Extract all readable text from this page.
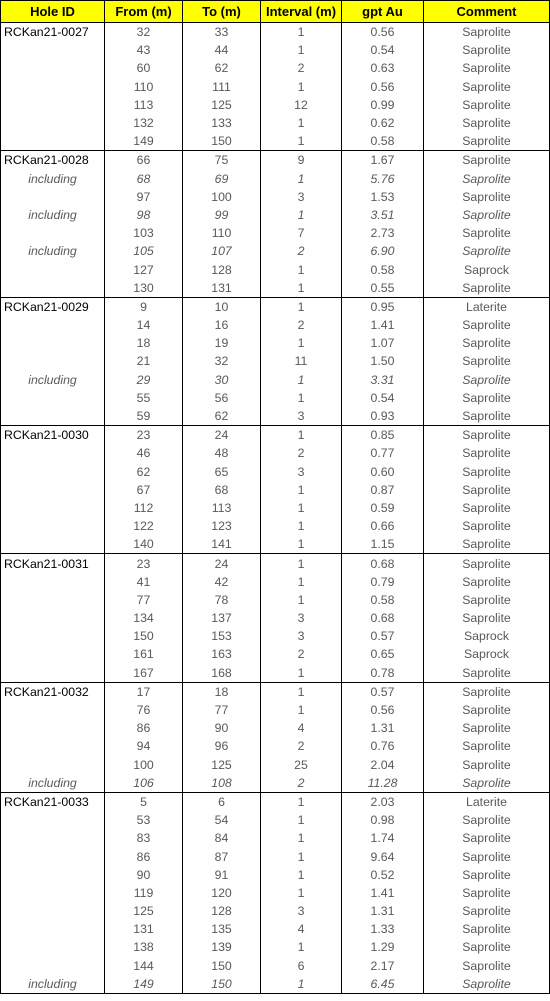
Hole ID	From (m)	To (m)	Interval (m)	gpt Au	Comment
RCKan21-0027	32	33	1	0.56	Saprolite
	43	44	1	0.54	Saprolite
	60	62	2	0.63	Saprolite
	110	111	1	0.56	Saprolite
	113	125	12	0.99	Saprolite
	132	133	1	0.62	Saprolite
	149	150	1	0.58	Saprolite
RCKan21-0028	66	75	9	1.67	Saprolite
including	68	69	1	5.76	Saprolite
	97	100	3	1.53	Saprolite
including	98	99	1	3.51	Saprolite
	103	110	7	2.73	Saprolite
including	105	107	2	6.90	Saprolite
	127	128	1	0.58	Saprock
	130	131	1	0.55	Saprolite
RCKan21-0029	9	10	1	0.95	Laterite
	14	16	2	1.41	Saprolite
	18	19	1	1.07	Saprolite
	21	32	11	1.50	Saprolite
including	29	30	1	3.31	Saprolite
	55	56	1	0.54	Saprolite
	59	62	3	0.93	Saprolite
RCKan21-0030	23	24	1	0.85	Saprolite
	46	48	2	0.77	Saprolite
	62	65	3	0.60	Saprolite
	67	68	1	0.87	Saprolite
	112	113	1	0.59	Saprolite
	122	123	1	0.66	Saprolite
	140	141	1	1.15	Saprolite
RCKan21-0031	23	24	1	0.68	Saprolite
	41	42	1	0.79	Saprolite
	77	78	1	0.58	Saprolite
	134	137	3	0.68	Saprolite
	150	153	3	0.57	Saprock
	161	163	2	0.65	Saprock
	167	168	1	0.78	Saprolite
RCKan21-0032	17	18	1	0.57	Saprolite
	76	77	1	0.56	Saprolite
	86	90	4	1.31	Saprolite
	94	96	2	0.76	Saprolite
	100	125	25	2.04	Saprolite
including	106	108	2	11.28	Saprolite
RCKan21-0033	5	6	1	2.03	Laterite
	53	54	1	0.98	Saprolite
	83	84	1	1.74	Saprolite
	86	87	1	9.64	Saprolite
	90	91	1	0.52	Saprolite
	119	120	1	1.41	Saprolite
	125	128	3	1.31	Saprolite
	131	135	4	1.33	Saprolite
	138	139	1	1.29	Saprolite
	144	150	6	2.17	Saprolite
including	149	150	1	6.45	Saprolite
